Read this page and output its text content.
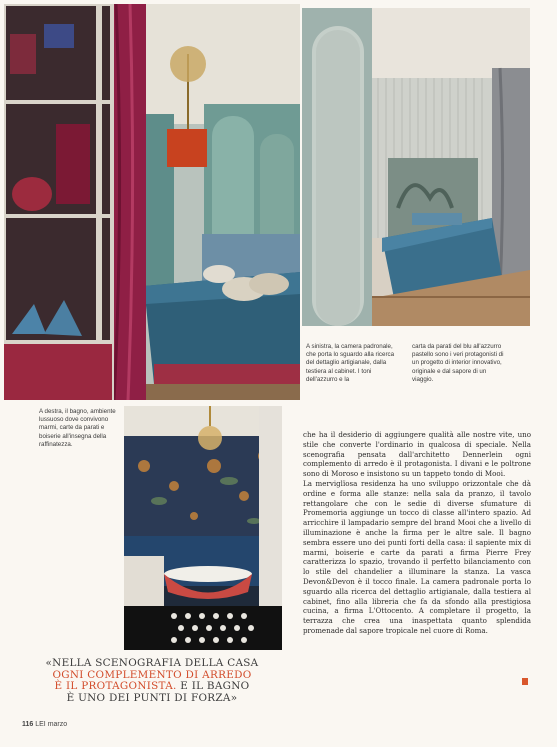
A sinistra, la camera padronale, che porta lo sguardo alla ricerca del dettaglio artigianale, dalla testiera al cabinet. I toni dell'azzurro e la

carta da parati del blu all'azzurro pastello sono i veri protagonisti di un progetto di interior innovativo, originale e dal sapore di un viaggio.

A destra, il bagno, ambiente lussuoso dove convivono marmi, carte da parati e boiserie all'insegna della raffinatezza.

che ha il desiderio di aggiungere qualità alle nostre vite, uno stile che converte l'ordinario in qualcosa di speciale. Nella scenografia pensata dall'architetto Dennerlein ogni complemento di arredo è il protagonista. I divani e le poltrone sono di Moroso e insistono su un tappeto tondo di Mooi.

La merviglïosa residenza ha uno sviluppo orizzontale che dà ordine e forma alle stanze: nella sala da pranzo, il tavolo rettangolare che con le sedie di diverse sfumature di Promemoria aggiunge un tocco di classe all'intero spazio. Ad arricchire il lampadario sempre del brand Mooi che a livello di illuminazione è anche la firma per le altre sale. Il bagno sembra essere uno dei punti forti della casa: il sapiente mix di marmi, boiserie e carte da parati a firma Pierre Frey caratterizza lo spazio, trovando il perfetto bilanciamento con lo stile del chandelier a illuminare la stanza. La vasca Devon&Devon è il tocco finale. La camera padronale porta lo sguardo alla ricerca del dettaglio artigianale, dalla testiera al cabinet, fino alla libreria che fa da sfondo alla prestigiosa cucina, a firma L'Ottocento. A completare il progetto, la terrazza che crea una inaspettata quanto splendida promenade dal sapore tropicale nel cuore di Roma.

«NELLA SCENOGRAFIA DELLA CASA
OGNI COMPLEMENTO DI ARREDO
È IL PROTAGONISTA. E IL BAGNO
È UNO DEI PUNTI DI FORZA»
116 LEI marzo
